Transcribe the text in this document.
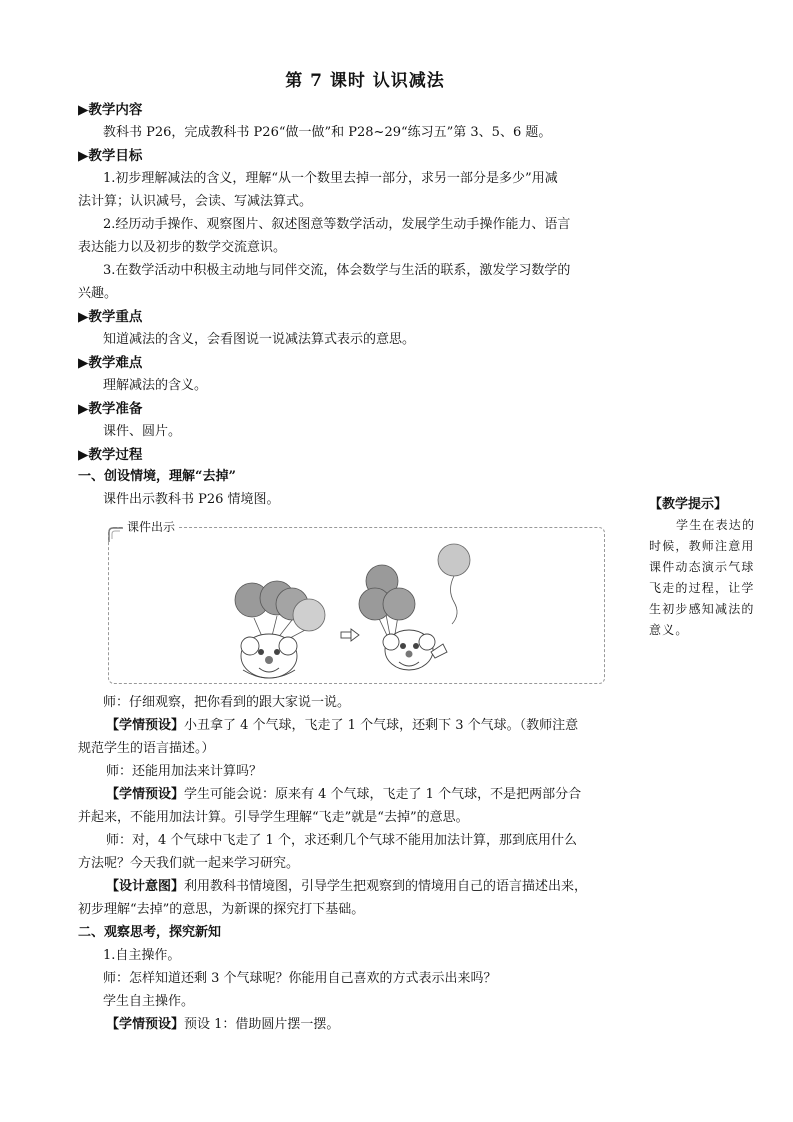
第 7 课时 认识减法
▶教学内容
教科书 P26，完成教科书 P26“做一做”和 P28~29“练习五”第 3、5、6 题。
▶教学目标
1.初步理解减法的含义，理解“从一个数里去掉一部分，求另一部分是多少”用减
法计算；认识减号，会读、写减法算式。
2.经历动手操作、观察图片、叙述图意等数学活动，发展学生动手操作能力、语言
表达能力以及初步的数学交流意识。
3.在数学活动中积极主动地与同伴交流，体会数学与生活的联系，激发学习数学的
兴趣。
▶教学重点
知道减法的含义，会看图说一说减法算式表示的意思。
▶教学难点
理解减法的含义。
▶教学准备
课件、圆片。
▶教学过程
一、创设情境，理解“去掉”
课件出示教科书 P26 情境图。
课件出示
师：仔细观察，把你看到的跟大家说一说。
【学情预设】小丑拿了 4 个气球，飞走了 1 个气球，还剩下 3 个气球。（教师注意
规范学生的语言描述。）
师：还能用加法来计算吗？
【学情预设】学生可能会说：原来有 4 个气球，飞走了 1 个气球，不是把两部分合
并起来，不能用加法计算。引导学生理解“飞走”就是“去掉”的意思。
师：对，4 个气球中飞走了 1 个，求还剩几个气球不能用加法计算，那到底用什么
方法呢？今天我们就一起来学习研究。
【设计意图】利用教科书情境图，引导学生把观察到的情境用自己的语言描述出来，
初步理解“去掉”的意思，为新课的探究打下基础。
二、观察思考，探究新知
1.自主操作。
师：怎样知道还剩 3 个气球呢？你能用自己喜欢的方式表示出来吗？
学生自主操作。
【学情预设】预设 1：借助圆片摆一摆。
【教学提示】
学生在表达的
时候，教师注意用
课件动态演示气球
飞走的过程，让学
生初步感知减法的
意义。
